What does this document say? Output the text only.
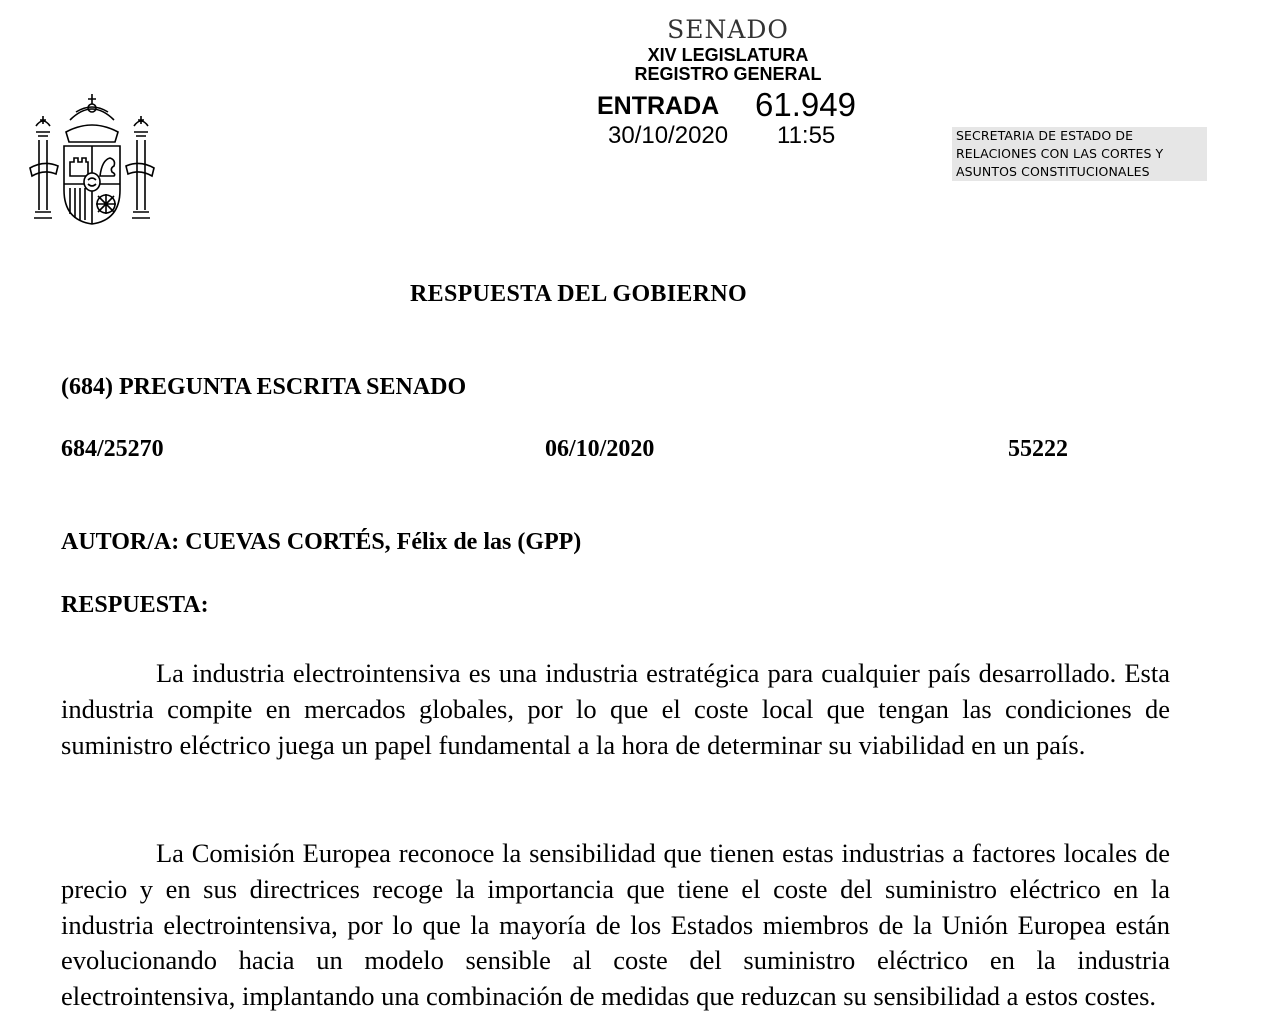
SENADO
XIV LEGISLATURA
REGISTRO GENERAL
ENTRADA 61.949
30/10/2020 11:55	SECRETARIA DE ESTADO DE
RELACIONES CON LAS CORTES Y
ASUNTOS CONSTITUCIONALES
RESPUESTA DEL GOBIERNO
(684) PREGUNTA ESCRITA SENADO
684/25270	06/10/2020	55222
AUTOR/A: CUEVAS CORTÉS, Félix de las (GPP)
RESPUESTA:
La industria electrointensiva es una industria estratégica para cualquier país desarrollado. Esta industria compite en mercados globales, por lo que el coste local que tengan las condiciones de suministro eléctrico juega un papel fundamental a la hora de determinar su viabilidad en un país.
La Comisión Europea reconoce la sensibilidad que tienen estas industrias a factores locales de precio y en sus directrices recoge la importancia que tiene el coste del suministro eléctrico en la industria electrointensiva, por lo que la mayoría de los Estados miembros de la Unión Europea están evolucionando hacia un modelo sensible al coste del suministro eléctrico en la industria electrointensiva, implantando una combinación de medidas que reduzcan su sensibilidad a estos costes.
